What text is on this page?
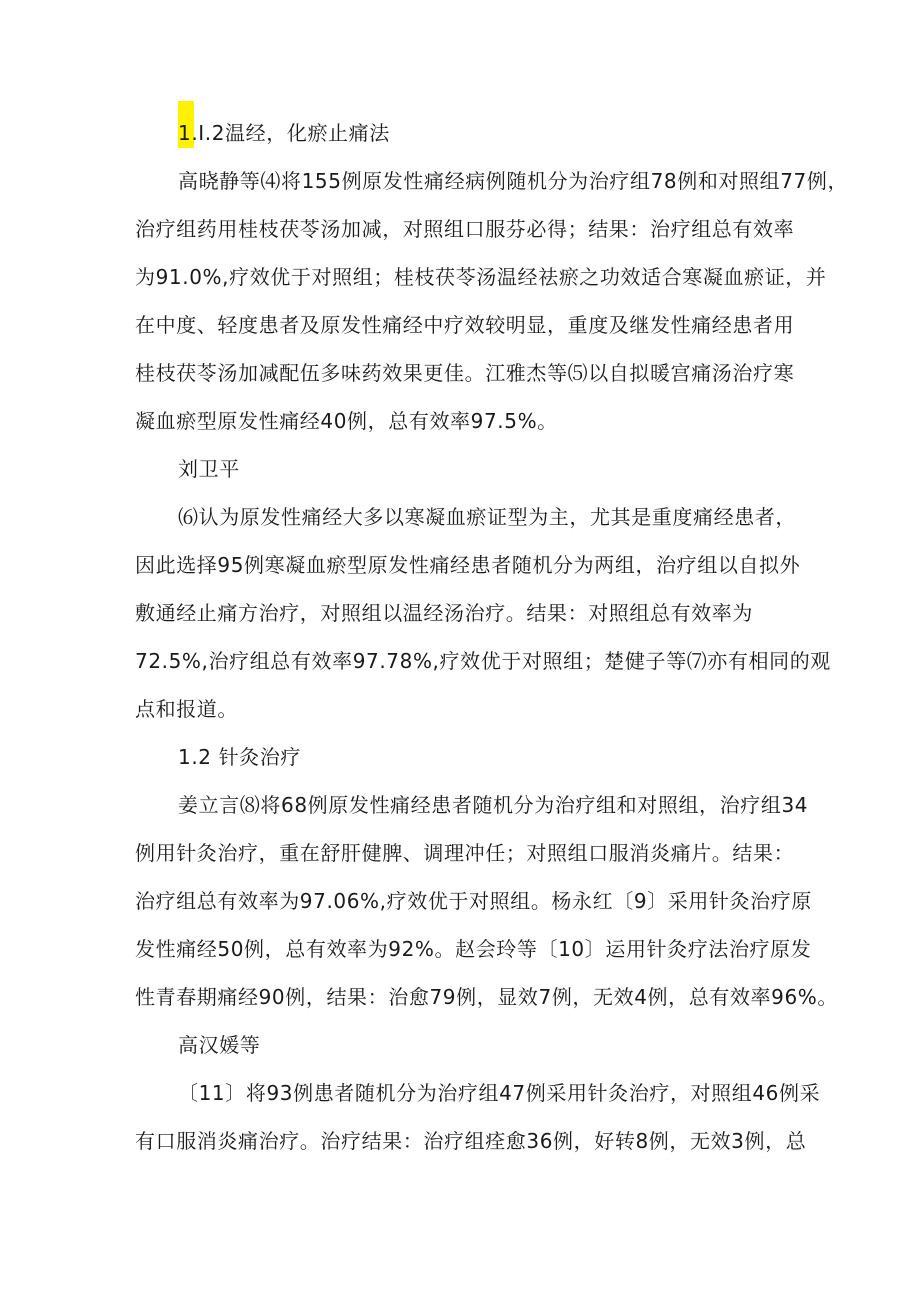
1.I.2温经，化瘀止痛法
高晓静等⑷将155例原发性痛经病例随机分为治疗组78例和对照组77例，
治疗组药用桂枝茯苓汤加减，对照组口服芬必得；结果：治疗组总有效率
为91.0%,疗效优于对照组；桂枝茯苓汤温经祛瘀之功效适合寒凝血瘀证，并
在中度、轻度患者及原发性痛经中疗效较明显，重度及继发性痛经患者用
桂枝茯苓汤加减配伍多味药效果更佳。江雅杰等⑸以自拟暖宫痛汤治疗寒
凝血瘀型原发性痛经40例，总有效率97.5%。
刘卫平
⑹认为原发性痛经大多以寒凝血瘀证型为主，尤其是重度痛经患者，
因此选择95例寒凝血瘀型原发性痛经患者随机分为两组，治疗组以自拟外
敷通经止痛方治疗，对照组以温经汤治疗。结果：对照组总有效率为
72.5%,治疗组总有效率97.78%,疗效优于对照组；楚健子等⑺亦有相同的观
点和报道。
1.2 针灸治疗
姜立言⑻将68例原发性痛经患者随机分为治疗组和对照组，治疗组34
例用针灸治疗，重在舒肝健脾、调理冲任；对照组口服消炎痛片。结果：
治疗组总有效率为97.06%,疗效优于对照组。杨永红〔9〕采用针灸治疗原
发性痛经50例，总有效率为92%。赵会玲等〔10〕运用针灸疗法治疗原发
性青春期痛经90例，结果：治愈79例，显效7例，无效4例，总有效率96%。
高汉媛等
〔11〕将93例患者随机分为治疗组47例采用针灸治疗，对照组46例采
有口服消炎痛治疗。治疗结果：治疗组痊愈36例，好转8例，无效3例，总
